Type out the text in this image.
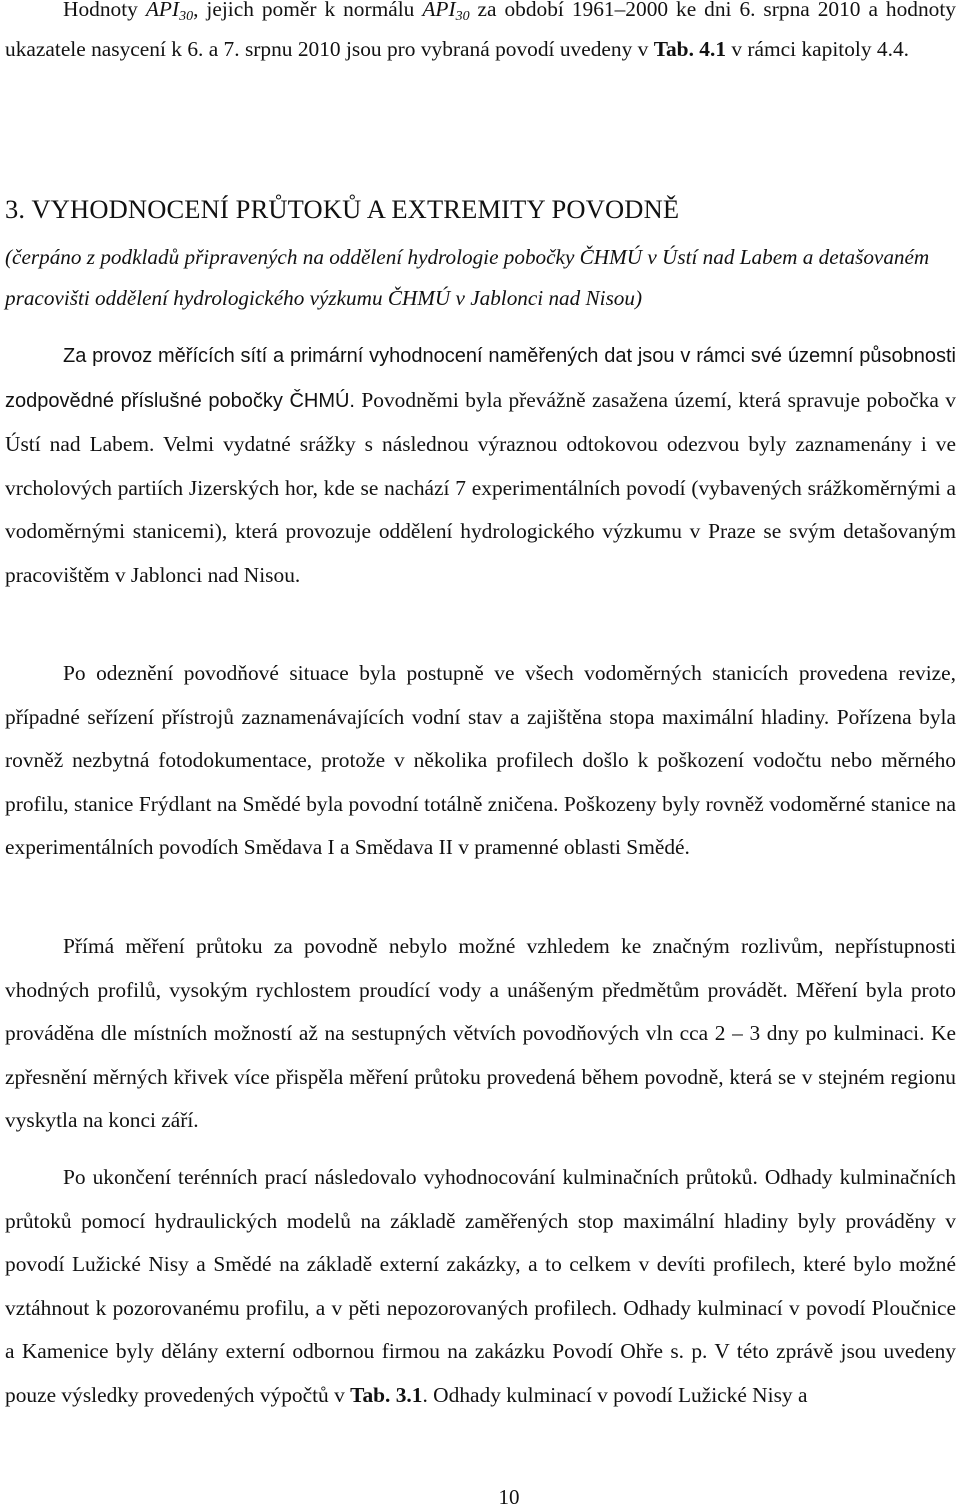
Hodnoty $API_{30}$, jejich poměr k normálu $API_{30}$ za období 1961–2000 ke dni 6. srpna 2010 a hodnoty ukazatele nasycení k 6. a 7. srpnu 2010 jsou pro vybraná povodí uvedeny v Tab. 4.1 v rámci kapitoly 4.4.

3. VYHODNOCENÍ PRŮTOKŮ A EXTREMITY POVODNĚ

(čerpáno z podkladů připravených na oddělení hydrologie pobočky ČHMÚ v Ústí nad Labem a detašovaném pracovišti oddělení hydrologického výzkumu ČHMÚ v Jablonci nad Nisou)

Za provoz měřících sítí a primární vyhodnocení naměřených dat jsou v rámci své územní působnosti zodpovědné příslušné pobočky ČHMÚ. Povodněmi byla převážně zasažena území, která spravuje pobočka v Ústí nad Labem. Velmi vydatné srážky s následnou výraznou odtokovou odezvou byly zaznamenány i ve vrcholových partiích Jizerských hor, kde se nachází 7 experimentálních povodí (vybavených srážkoměrnými a vodoměrnými stanicemi), která provozuje oddělení hydrologického výzkumu v Praze se svým detašovaným pracovištěm v Jablonci nad Nisou.

Po odeznění povodňové situace byla postupně ve všech vodoměrných stanicích provedena revize, případné seřízení přístrojů zaznamenávajících vodní stav a zajištěna stopa maximální hladiny. Pořízena byla rovněž nezbytná fotodokumentace, protože v několika profilech došlo k poškození vodočtu nebo měrného profilu, stanice Frýdlant na Smědé byla povodní totálně zničena. Poškozeny byly rovněž vodoměrné stanice na experimentálních povodích Smědava I a Smědava II v pramenné oblasti Smědé.

Přímá měření průtoku za povodně nebylo možné vzhledem ke značným rozlivům, nepřístupnosti vhodných profilů, vysokým rychlostem proudící vody a unášeným předmětům provádět. Měření byla proto prováděna dle místních možností až na sestupných větvích povodňových vln cca 2 – 3 dny po kulminaci. Ke zpřesnění měrných křivek více přispěla měření průtoku provedená během povodně, která se v stejném regionu vyskytla na konci září.

Po ukončení terénních prací následovalo vyhodnocování kulminačních průtoků. Odhady kulminačních průtoků pomocí hydraulických modelů na základě zaměřených stop maximální hladiny byly prováděny v povodí Lužické Nisy a Smědé na základě externí zakázky, a to celkem v devíti profilech, které bylo možné vztáhnout k pozorovanému profilu, a v pěti nepozorovaných profilech. Odhady kulminací v povodí Ploučnice a Kamenice byly dělány externí odbornou firmou na zakázku Povodí Ohře s. p. V této zprávě jsou uvedeny pouze výsledky provedených výpočtů v Tab. 3.1. Odhady kulminací v povodí Lužické Nisy a

10
